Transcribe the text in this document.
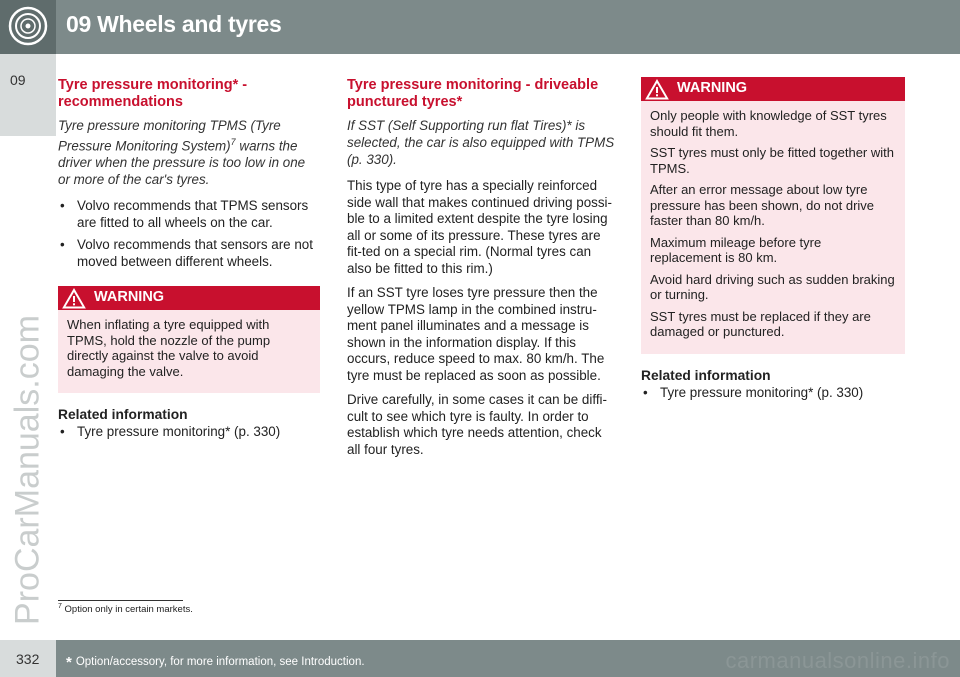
09 Wheels and tyres
09
ProCarManuals.com
Tyre pressure monitoring* - recommendations
Tyre pressure monitoring TPMS (Tyre Pressure Monitoring System)$^7$ warns the driver when the pressure is too low in one or more of the car's tyres.
• Volvo recommends that TPMS sensors are fitted to all wheels on the car.
• Volvo recommends that sensors are not moved between different wheels.
WARNING

When inflating a tyre equipped with TPMS, hold the nozzle of the pump directly against the valve to avoid damaging the valve.

Related information
• Tyre pressure monitoring* (p. 330)
Tyre pressure monitoring - driveable punctured tyres*
If SST (Self Supporting run flat Tires)* is selected, the car is also equipped with TPMS (p. 330).

This type of tyre has a specially reinforced side wall that makes continued driving possi-ble to a limited extent despite the tyre losing all or some of its pressure. These tyres are fit-ted on a special rim. (Normal tyres can also be fitted to this rim.)

If an SST tyre loses tyre pressure then the yellow TPMS lamp in the combined instru-ment panel illuminates and a message is shown in the information display. If this occurs, reduce speed to max. 80 km/h. The tyre must be replaced as soon as possible.

Drive carefully, in some cases it can be diffi-cult to see which tyre is faulty. In order to establish which tyre needs attention, check all four tyres.

WARNING

Only people with knowledge of SST tyres should fit them.

SST tyres must only be fitted together with TPMS.

After an error message about low tyre pressure has been shown, do not drive faster than 80 km/h.

Maximum mileage before tyre replacement is 80 km.

Avoid hard driving such as sudden braking or turning.

SST tyres must be replaced if they are damaged or punctured.

Related information
• Tyre pressure monitoring* (p. 330)
$^7$ Option only in certain markets.
332 * Option/accessory, for more information, see Introduction.	carmanualsonline.info
